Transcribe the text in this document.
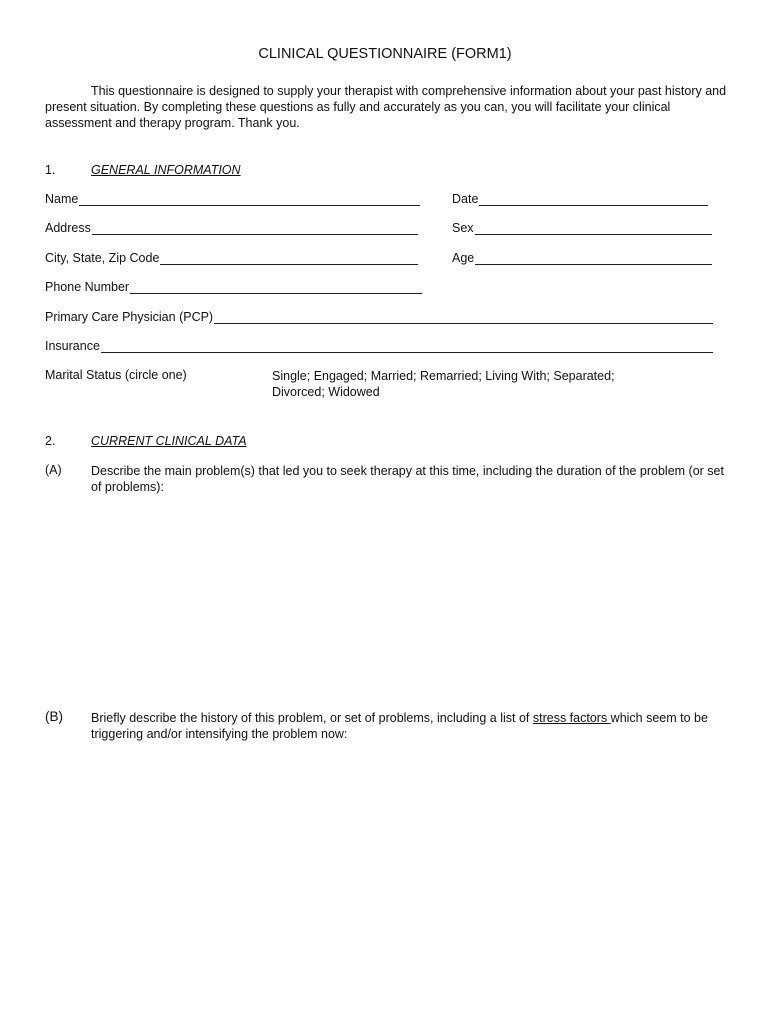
CLINICAL QUESTIONNAIRE (FORM1)

This questionnaire is designed to supply your therapist with comprehensive information about your past history and present situation. By completing these questions as fully and accurately as you can, you will facilitate your clinical assessment and therapy program. Thank you.

1.	GENERAL INFORMATION
Name	Date
Address	Sex
City, State, Zip Code	Age
Phone Number
Primary Care Physician (PCP)
Insurance
Marital Status (circle one)	Single; Engaged; Married; Remarried; Living With; Separated;
Divorced; Widowed
2.	CURRENT CLINICAL DATA
(A) Describe the main problem(s) that led you to seek therapy at this time, including the duration of the problem (or set of problems):
(B) Briefly describe the history of this problem, or set of problems, including a list of stress factors which seem to be triggering and/or intensifying the problem now:
